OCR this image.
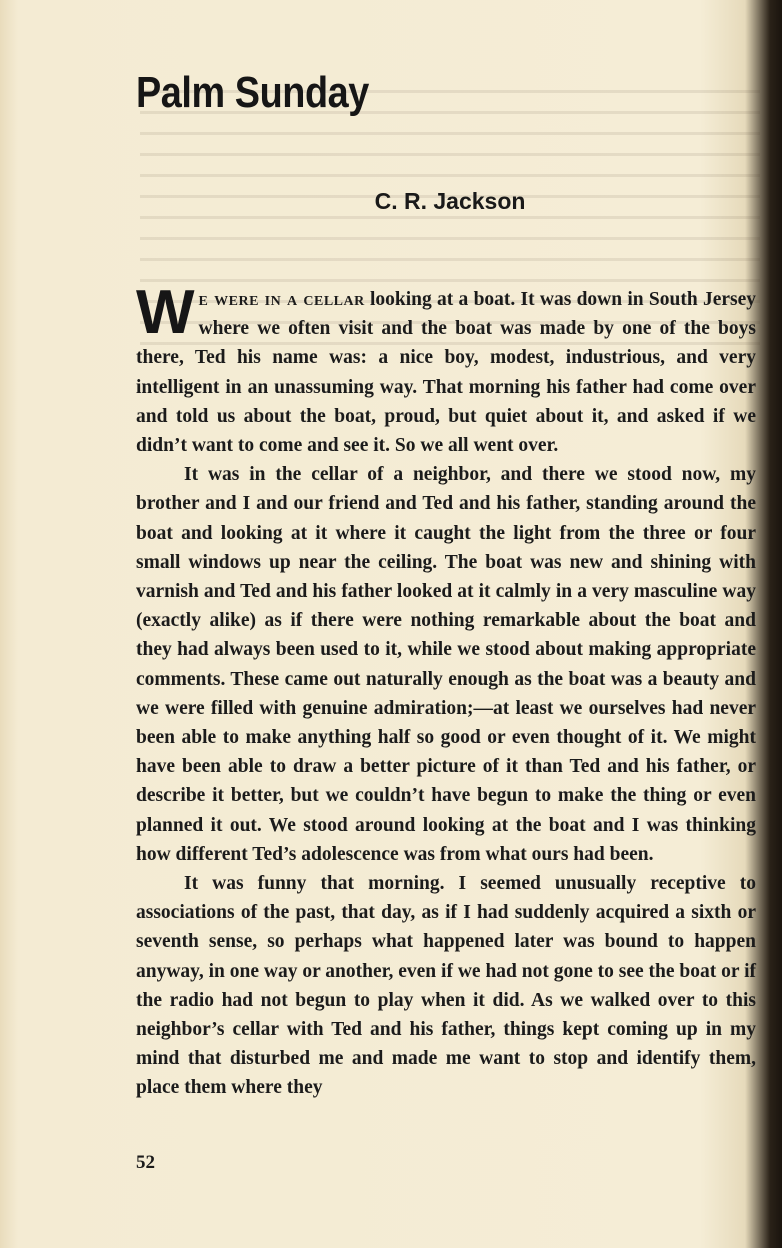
Palm Sunday
C. R. Jackson

We were in a cellar looking at a boat. It was down in South Jersey where we often visit and the boat was made by one of the boys there, Ted his name was: a nice boy, modest, industrious, and very intelligent in an unassuming way. That morning his father had come over and told us about the boat, proud, but quiet about it, and asked if we didn’t want to come and see it. So we all went over.

It was in the cellar of a neighbor, and there we stood now, my brother and I and our friend and Ted and his father, standing around the boat and looking at it where it caught the light from the three or four small windows up near the ceiling. The boat was new and shining with varnish and Ted and his father looked at it calmly in a very masculine way (exactly alike) as if there were nothing remarkable about the boat and they had always been used to it, while we stood about making appropriate comments. These came out naturally enough as the boat was a beauty and we were filled with genuine admiration;—at least we ourselves had never been able to make anything half so good or even thought of it. We might have been able to draw a better picture of it than Ted and his father, or describe it better, but we couldn’t have begun to make the thing or even planned it out. We stood around looking at the boat and I was thinking how different Ted’s adolescence was from what ours had been.

It was funny that morning. I seemed unusually receptive to associations of the past, that day, as if I had suddenly acquired a sixth or seventh sense, so perhaps what happened later was bound to happen anyway, in one way or another, even if we had not gone to see the boat or if the radio had not begun to play when it did. As we walked over to this neighbor’s cellar with Ted and his father, things kept coming up in my mind that disturbed me and made me want to stop and identify them, place them where they

52
